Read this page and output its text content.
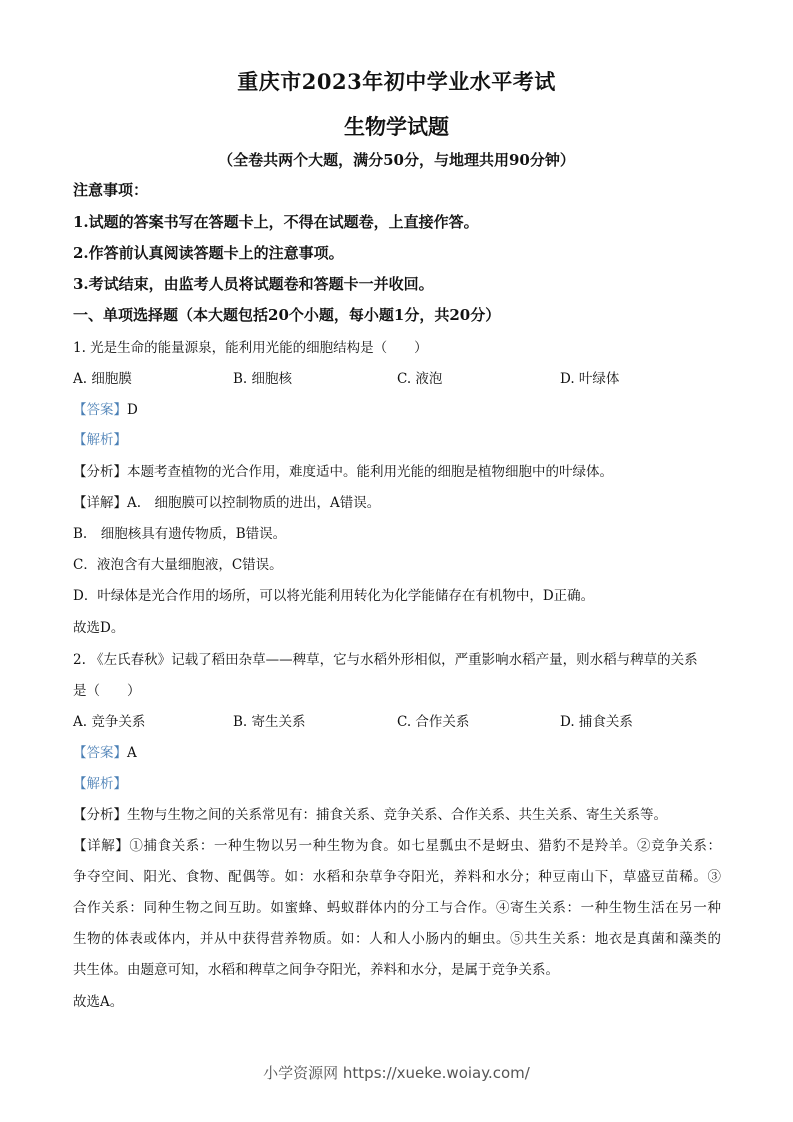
重庆市2023年初中学业水平考试
生物学试题
（全卷共两个大题，满分50分，与地理共用90分钟）
注意事项：
1.试题的答案书写在答题卡上，不得在试题卷，上直接作答。
2.作答前认真阅读答题卡上的注意事项。
3.考试结束，由监考人员将试题卷和答题卡一并收回。
一、单项选择题（本大题包括20个小题，每小题1分，共20分）
1. 光是生命的能量源泉，能利用光能的细胞结构是（　　）
A. 细胞膜	B. 细胞核	C. 液泡	D. 叶绿体
【答案】D
【解析】
【分析】本题考查植物的光合作用，难度适中。能利用光能的细胞是植物细胞中的叶绿体。
【详解】A.　细胞膜可以控制物质的进出，A错误。
B.　细胞核具有遗传物质，B错误。
C．液泡含有大量细胞液，C错误。
D．叶绿体是光合作用的场所，可以将光能利用转化为化学能储存在有机物中，D正确。
故选D。
2. 《左氏春秋》记载了稻田杂草——稗草，它与水稻外形相似，严重影响水稻产量，则水稻与稗草的关系
是（　　）
A. 竞争关系	B. 寄生关系	C. 合作关系	D. 捕食关系
【答案】A
【解析】
【分析】生物与生物之间的关系常见有：捕食关系、竞争关系、合作关系、共生关系、寄生关系等。
【详解】①捕食关系：一种生物以另一种生物为食。如七星瓢虫不是蚜虫、猎豹不是羚羊。②竞争关系：
争夺空间、阳光、食物、配偶等。如：水稻和杂草争夺阳光，养料和水分；种豆南山下，草盛豆苗稀。③
合作关系：同种生物之间互助。如蜜蜂、蚂蚁群体内的分工与合作。④寄生关系：一种生物生活在另一种
生物的体表或体内，并从中获得营养物质。如：人和人小肠内的蛔虫。⑤共生关系：地衣是真菌和藻类的
共生体。由题意可知，水稻和稗草之间争夺阳光，养料和水分，是属于竞争关系。
故选A。
小学资源网 https://xueke.woiay.com/
